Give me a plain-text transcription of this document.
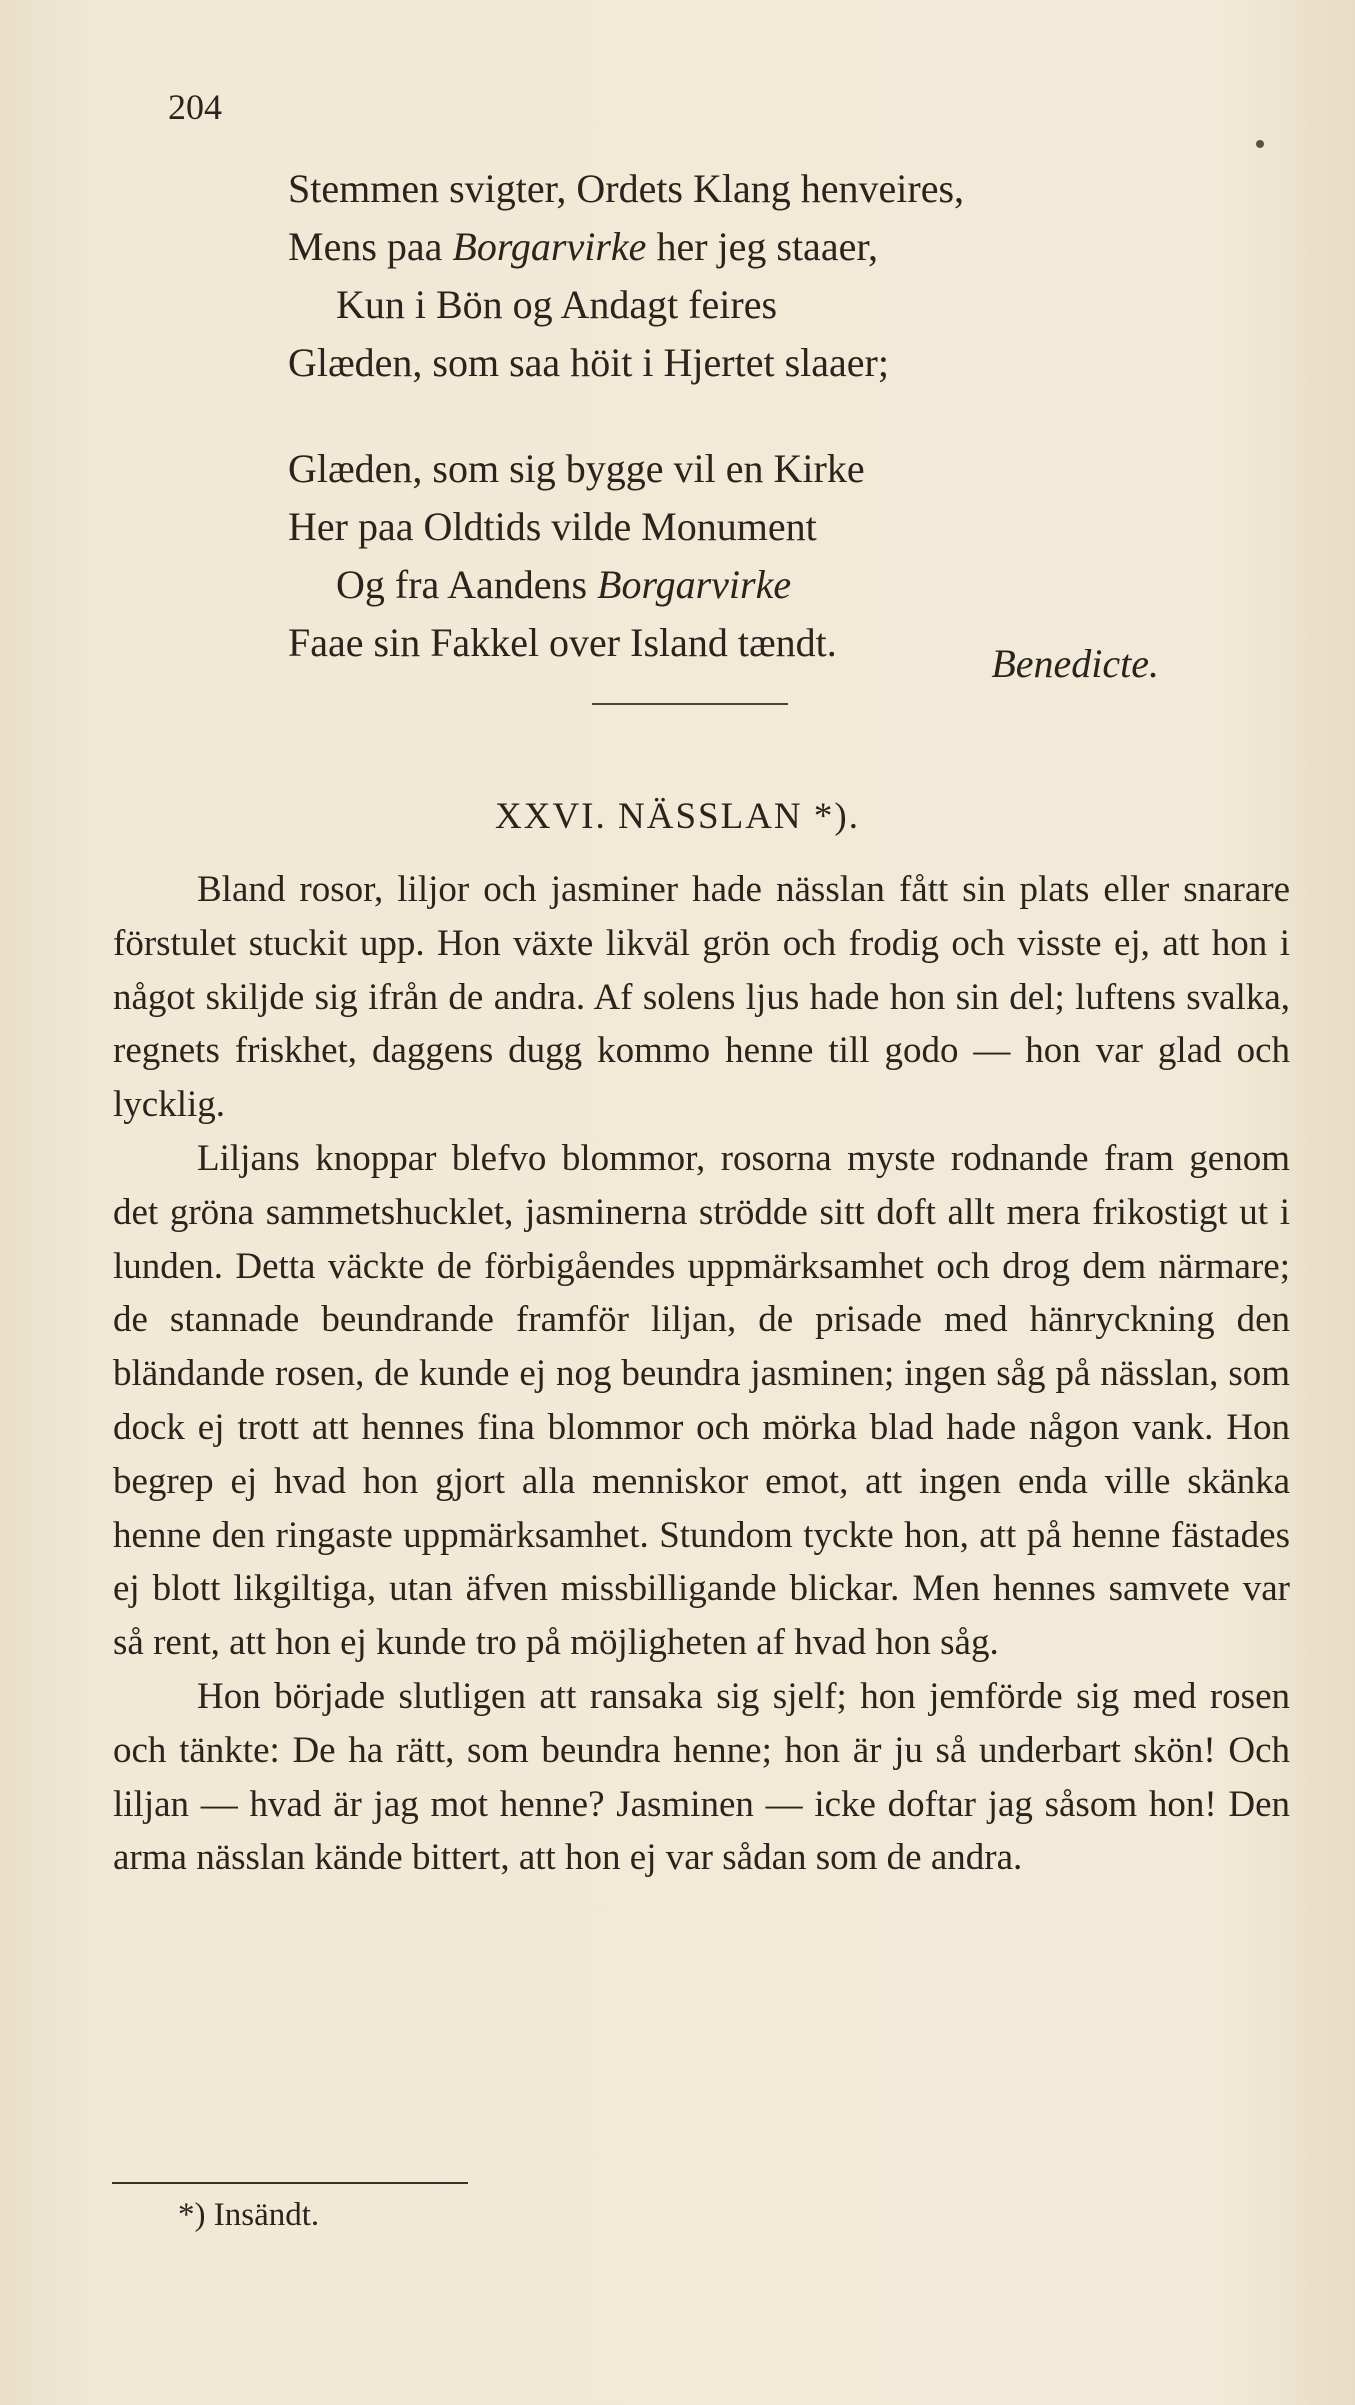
204
Stemmen svigter, Ordets Klang henveires,
Mens paa Borgarvirke her jeg staaer,
Kun i Bön og Andagt feires
Glæden, som saa höit i Hjertet slaaer;
Glæden, som sig bygge vil en Kirke
Her paa Oldtids vilde Monument
Og fra Aandens Borgarvirke
Faae sin Fakkel over Island tændt.	Benedicte.
XXVI. NÄSSLAN *).

Bland rosor, liljor och jasminer hade nässlan fått sin plats eller snarare förstulet stuckit upp. Hon växte likväl grön och frodig och visste ej, att hon i något skiljde sig ifrån de andra. Af solens ljus hade hon sin del; luftens svalka, regnets friskhet, daggens dugg kommo henne till godo — hon var glad och lycklig.

Liljans knoppar blefvo blommor, rosorna myste rodnande fram genom det gröna sammetshucklet, jasminerna strödde sitt doft allt mera frikostigt ut i lunden. Detta väckte de förbigåendes uppmärksamhet och drog dem närmare; de stannade beundrande framför liljan, de prisade med hänryckning den bländande rosen, de kunde ej nog beundra jasminen; ingen såg på nässlan, som dock ej trott att hennes fina blommor och mörka blad hade någon vank. Hon begrep ej hvad hon gjort alla menniskor emot, att ingen enda ville skänka henne den ringaste uppmärksamhet. Stundom tyckte hon, att på henne fästades ej blott likgiltiga, utan äfven missbilligande blickar. Men hennes samvete var så rent, att hon ej kunde tro på möjligheten af hvad hon såg.

Hon började slutligen att ransaka sig sjelf; hon jemförde sig med rosen och tänkte: De ha rätt, som beundra henne; hon är ju så underbart skön! Och liljan — hvad är jag mot henne? Jasminen — icke doftar jag såsom hon! Den arma nässlan kände bittert, att hon ej var sådan som de andra.

*) Insändt.
